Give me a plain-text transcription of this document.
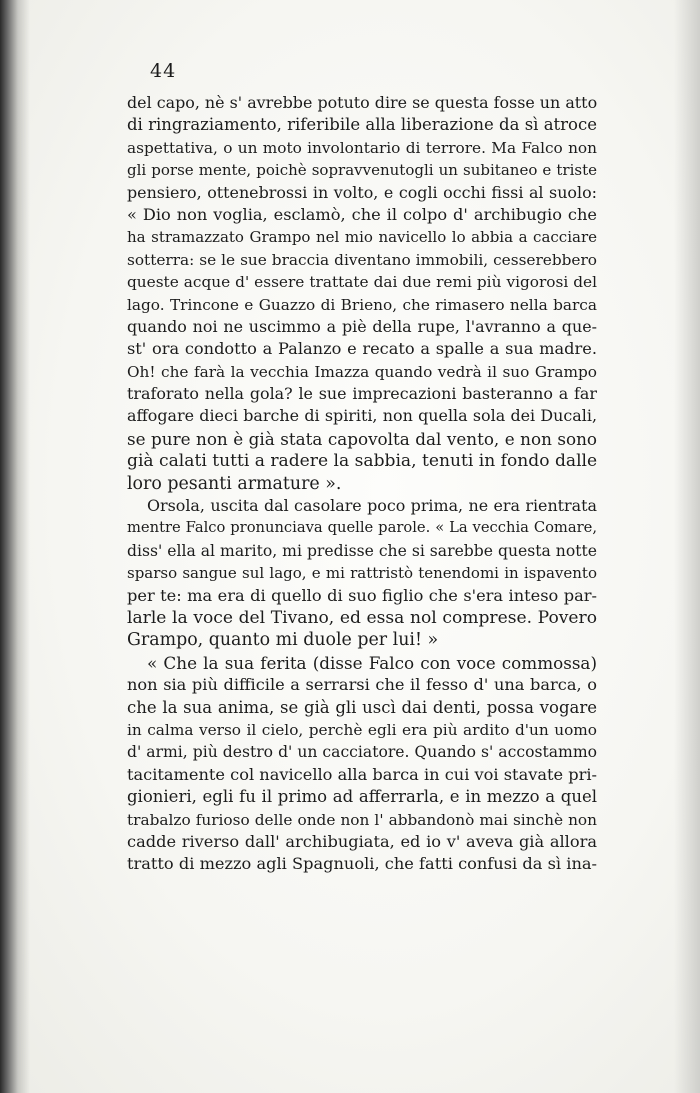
44
del capo, nè s' avrebbe potuto dire se questa fosse un atto
di ringraziamento, riferibile alla liberazione da sì atroce
aspettativa, o un moto involontario di terrore. Ma Falco non
gli porse mente, poichè sopravvenutogli un subitaneo e triste
pensiero, ottenebrossi in volto, e cogli occhi fissi al suolo:
« Dio non voglia, esclamò, che il colpo d' archibugio che
ha stramazzato Grampo nel mio navicello lo abbia a cacciare
sotterra: se le sue braccia diventano immobili, cesserebbero
queste acque d' essere trattate dai due remi più vigorosi del
lago. Trincone e Guazzo di Brieno, che rimasero nella barca
quando noi ne uscimmo a piè della rupe, l'avranno a que-
st' ora condotto a Palanzo e recato a spalle a sua madre.
Oh! che farà la vecchia Imazza quando vedrà il suo Grampo
traforato nella gola? le sue imprecazioni basteranno a far
affogare dieci barche di spiriti, non quella sola dei Ducali,
se pure non è già stata capovolta dal vento, e non sono
già calati tutti a radere la sabbia, tenuti in fondo dalle
loro pesanti armature ».
Orsola, uscita dal casolare poco prima, ne era rientrata
mentre Falco pronunciava quelle parole. « La vecchia Comare,
diss' ella al marito, mi predisse che si sarebbe questa notte
sparso sangue sul lago, e mi rattristò tenendomi in ispavento
per te: ma era di quello di suo figlio che s'era inteso par-
larle la voce del Tivano, ed essa nol comprese. Povero
Grampo, quanto mi duole per lui! »
« Che la sua ferita (disse Falco con voce commossa)
non sia più difficile a serrarsi che il fesso d' una barca, o
che la sua anima, se già gli uscì dai denti, possa vogare
in calma verso il cielo, perchè egli era più ardito d'un uomo
d' armi, più destro d' un cacciatore. Quando s' accostammo
tacitamente col navicello alla barca in cui voi stavate pri-
gionieri, egli fu il primo ad afferrarla, e in mezzo a quel
trabalzo furioso delle onde non l' abbandonò mai sinchè non
cadde riverso dall' archibugiata, ed io v' aveva già allora
tratto di mezzo agli Spagnuoli, che fatti confusi da sì ina-
